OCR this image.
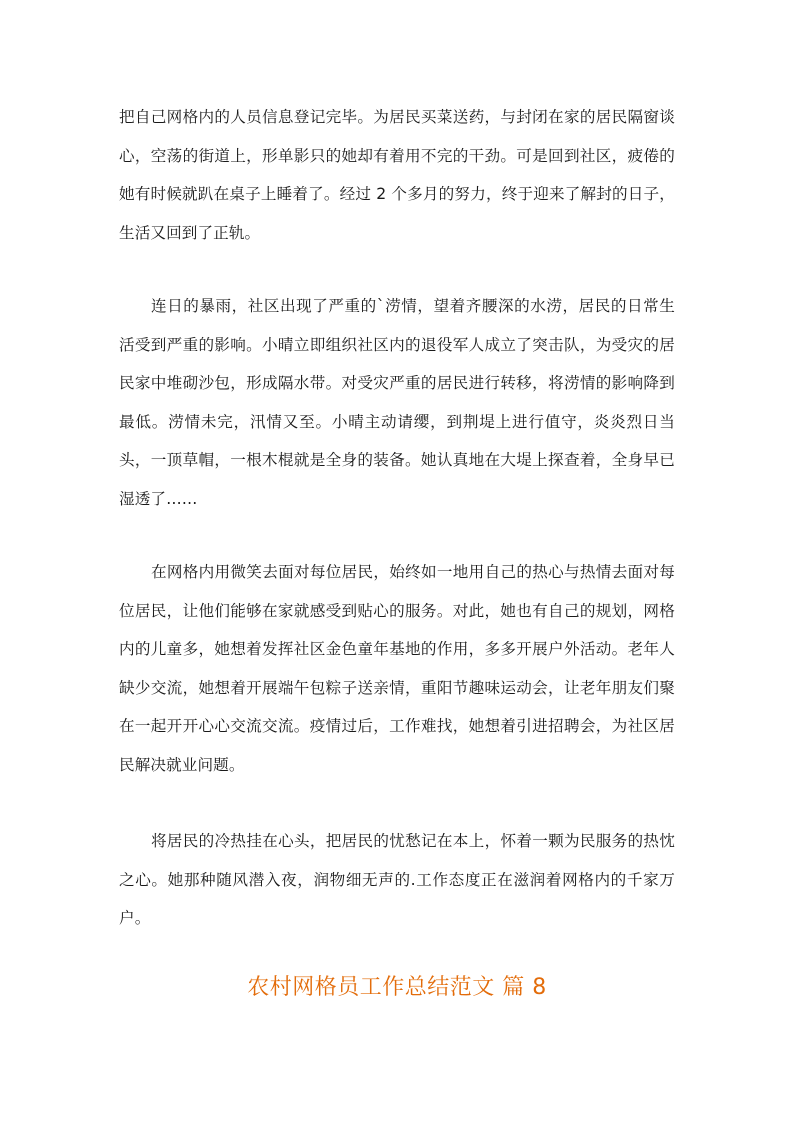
把自己网格内的人员信息登记完毕。为居民买菜送药，与封闭在家的居民隔窗谈心，空荡的街道上，形单影只的她却有着用不完的干劲。可是回到社区，疲倦的她有时候就趴在桌子上睡着了。经过 2 个多月的努力，终于迎来了解封的日子，生活又回到了正轨。

连日的暴雨，社区出现了严重的`涝情，望着齐腰深的水涝，居民的日常生活受到严重的影响。小晴立即组织社区内的退役军人成立了突击队，为受灾的居民家中堆砌沙包，形成隔水带。对受灾严重的居民进行转移，将涝情的影响降到最低。涝情未完，汛情又至。小晴主动请缨，到荆堤上进行值守，炎炎烈日当头，一顶草帽，一根木棍就是全身的装备。她认真地在大堤上探查着，全身早已湿透了……

在网格内用微笑去面对每位居民，始终如一地用自己的热心与热情去面对每位居民，让他们能够在家就感受到贴心的服务。对此，她也有自己的规划，网格内的儿童多，她想着发挥社区金色童年基地的作用，多多开展户外活动。老年人缺少交流，她想着开展端午包粽子送亲情，重阳节趣味运动会，让老年朋友们聚在一起开开心心交流交流。疫情过后，工作难找，她想着引进招聘会，为社区居民解决就业问题。

将居民的冷热挂在心头，把居民的忧愁记在本上，怀着一颗为民服务的热忱之心。她那种随风潜入夜，润物细无声的.工作态度正在滋润着网格内的千家万户。

农村网格员工作总结范文 篇 8
